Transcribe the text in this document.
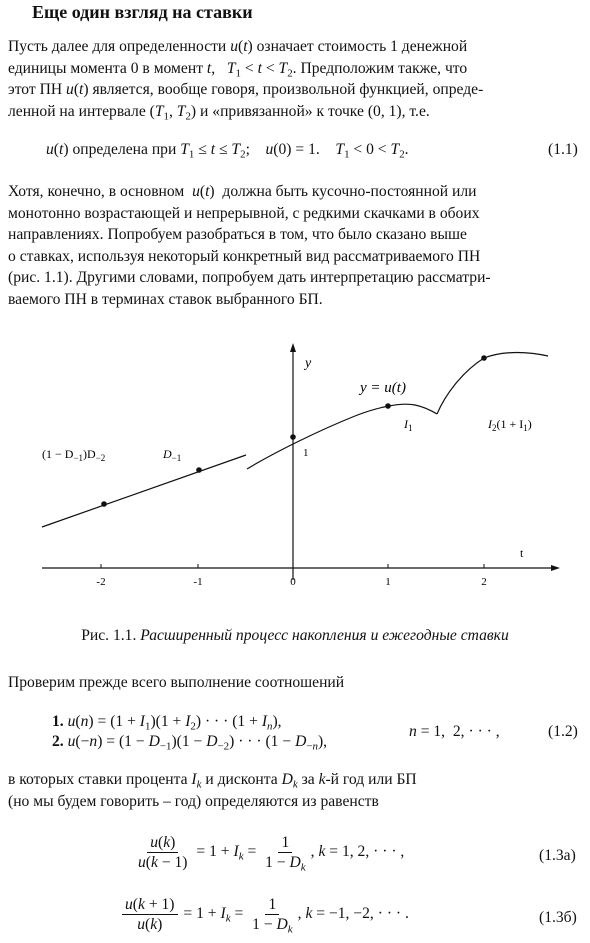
Еще один взгляд на ставки
Пусть далее для определенности u(t) означает стоимость 1 денежной
единицы момента 0 в момент t,   $T_1 < t < T_2$. Предположим также, что
этот ПН u(t) является, вообще говоря, произвольной функцией, опреде-
ленной на интервале ($T_1$, $T_2$) и «привязанной» к точке (0, 1), т.е.
u(t) определена при $T_1 \le t \le T_2$;    u(0) = 1.    $T_1 < 0 < T_2$.	(1.1)
Хотя, конечно, в основном u(t)  должна быть кусочно-постоянной или
монотонно возрастающей и непрерывной, с редкими скачками в обоих
направлениях. Попробуем разобраться в том, что было сказано выше
о ставках, используя некоторый конкретный вид рассматриваемого ПН
(рис. 1.1). Другими словами, попробуем дать интерпретацию рассматри-
ваемого ПН в терминах ставок выбранного БП.
-2	-1	0	1	2
t
y
1
y = u(t)
$(1 - D_{-1})D_{-2}$	$D_{-1}$
$I_1$	$I_2(1 + I_1)$
Рис. 1.1. Расширенный процесс накопления и ежегодные ставки
Проверим прежде всего выполнение соотношений
1. $u(n) = (1 + I_1)(1 + I_2)$ · · · $(1 + I_n)$,
2. $u(-n) = (1 - D_{-1})(1 - D_{-2})$ · · · $(1 - D_{-n})$,
n = 1,  2, · · · ,	(1.2)
в которых ставки процента $I_k$ и дисконта $D_k$ за k-й год или БП
(но мы будем говорить – год) определяются из равенств
$\frac{u(k)}{u(k - 1)} = 1 + I_k = \frac{1}{1 - D_k}$ , k = 1, 2, · · · ,	(1.3а)
$\frac{u(k + 1)}{u(k)} = 1 + I_k = \frac{1}{1 - D_k}$ , k = −1, −2, · · · .	(1.3б)
